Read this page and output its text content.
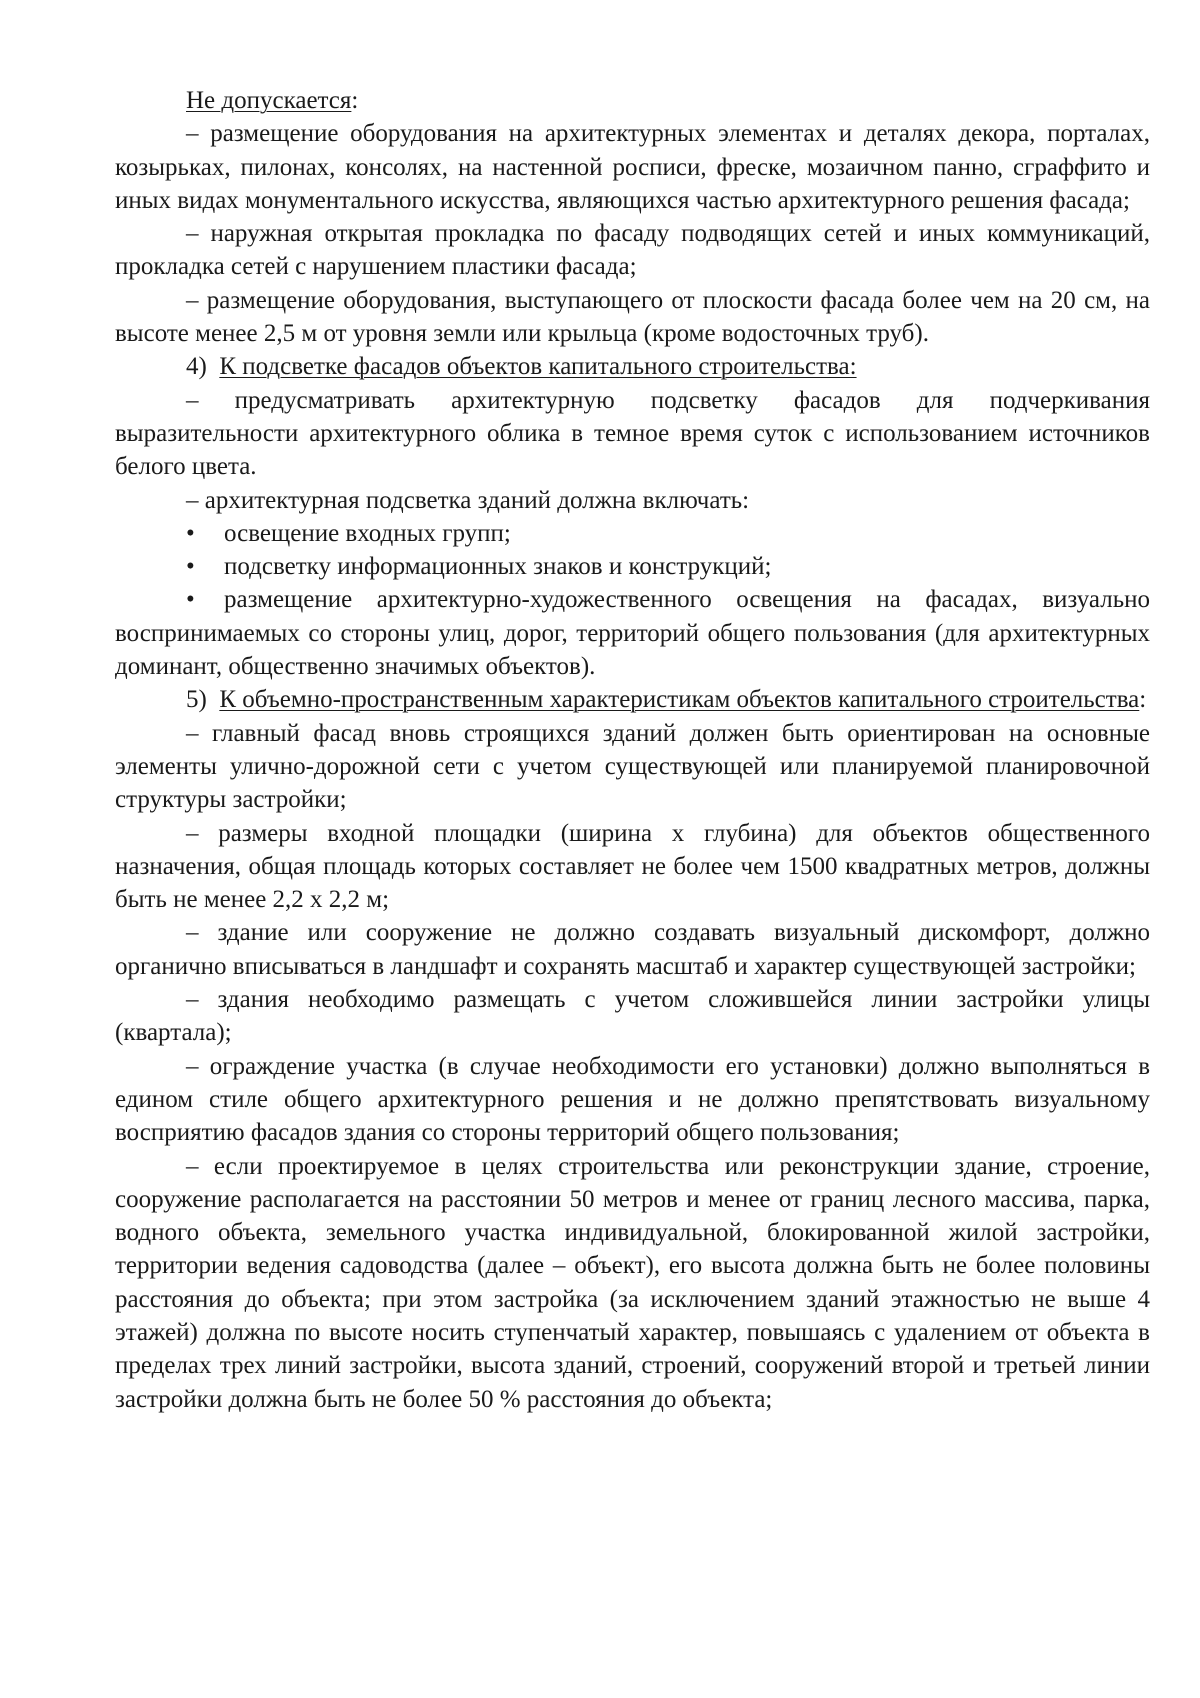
Не допускается:

– размещение оборудования на архитектурных элементах и деталях декора, порталах, козырьках, пилонах, консолях, на настенной росписи, фреске, мозаичном панно, сграффито и иных видах монументального искусства, являющихся частью архитектурного решения фасада;

– наружная открытая прокладка по фасаду подводящих сетей и иных коммуникаций, прокладка сетей с нарушением пластики фасада;

– размещение оборудования, выступающего от плоскости фасада более чем на 20 см, на высоте менее 2,5 м от уровня земли или крыльца (кроме водосточных труб).

4) К подсветке фасадов объектов капитального строительства:

– предусматривать архитектурную подсветку фасадов для подчеркивания выразительности архитектурного облика в темное время суток с использованием источников белого цвета.

– архитектурная подсветка зданий должна включать:

•освещение входных групп;

•подсветку информационных знаков и конструкций;

•размещение архитектурно-художественного освещения на фасадах, визуально воспринимаемых со стороны улиц, дорог, территорий общего пользования (для архитектурных доминант, общественно значимых объектов).

5) К объемно-пространственным характеристикам объектов капитального строительства:

– главный фасад вновь строящихся зданий должен быть ориентирован на основные элементы улично-дорожной сети с учетом существующей или планируемой планировочной структуры застройки;

– размеры входной площадки (ширина х глубина) для объектов общественного назначения, общая площадь которых составляет не более чем 1500 квадратных метров, должны быть не менее 2,2 х 2,2 м;

– здание или сооружение не должно создавать визуальный дискомфорт, должно органично вписываться в ландшафт и сохранять масштаб и характер существующей застройки;

– здания необходимо размещать с учетом сложившейся линии застройки улицы (квартала);

– ограждение участка (в случае необходимости его установки) должно выполняться в едином стиле общего архитектурного решения и не должно препятствовать визуальному восприятию фасадов здания со стороны территорий общего пользования;

– если проектируемое в целях строительства или реконструкции здание, строение, сооружение располагается на расстоянии 50 метров и менее от границ лесного массива, парка, водного объекта, земельного участка индивидуальной, блокированной жилой застройки, территории ведения садоводства (далее – объект), его высота должна быть не более половины расстояния до объекта; при этом застройка (за исключением зданий этажностью не выше 4 этажей) должна по высоте носить ступенчатый характер, повышаясь с удалением от объекта в пределах трех линий застройки, высота зданий, строений, сооружений второй и третьей линии застройки должна быть не более 50 % расстояния до объекта;
